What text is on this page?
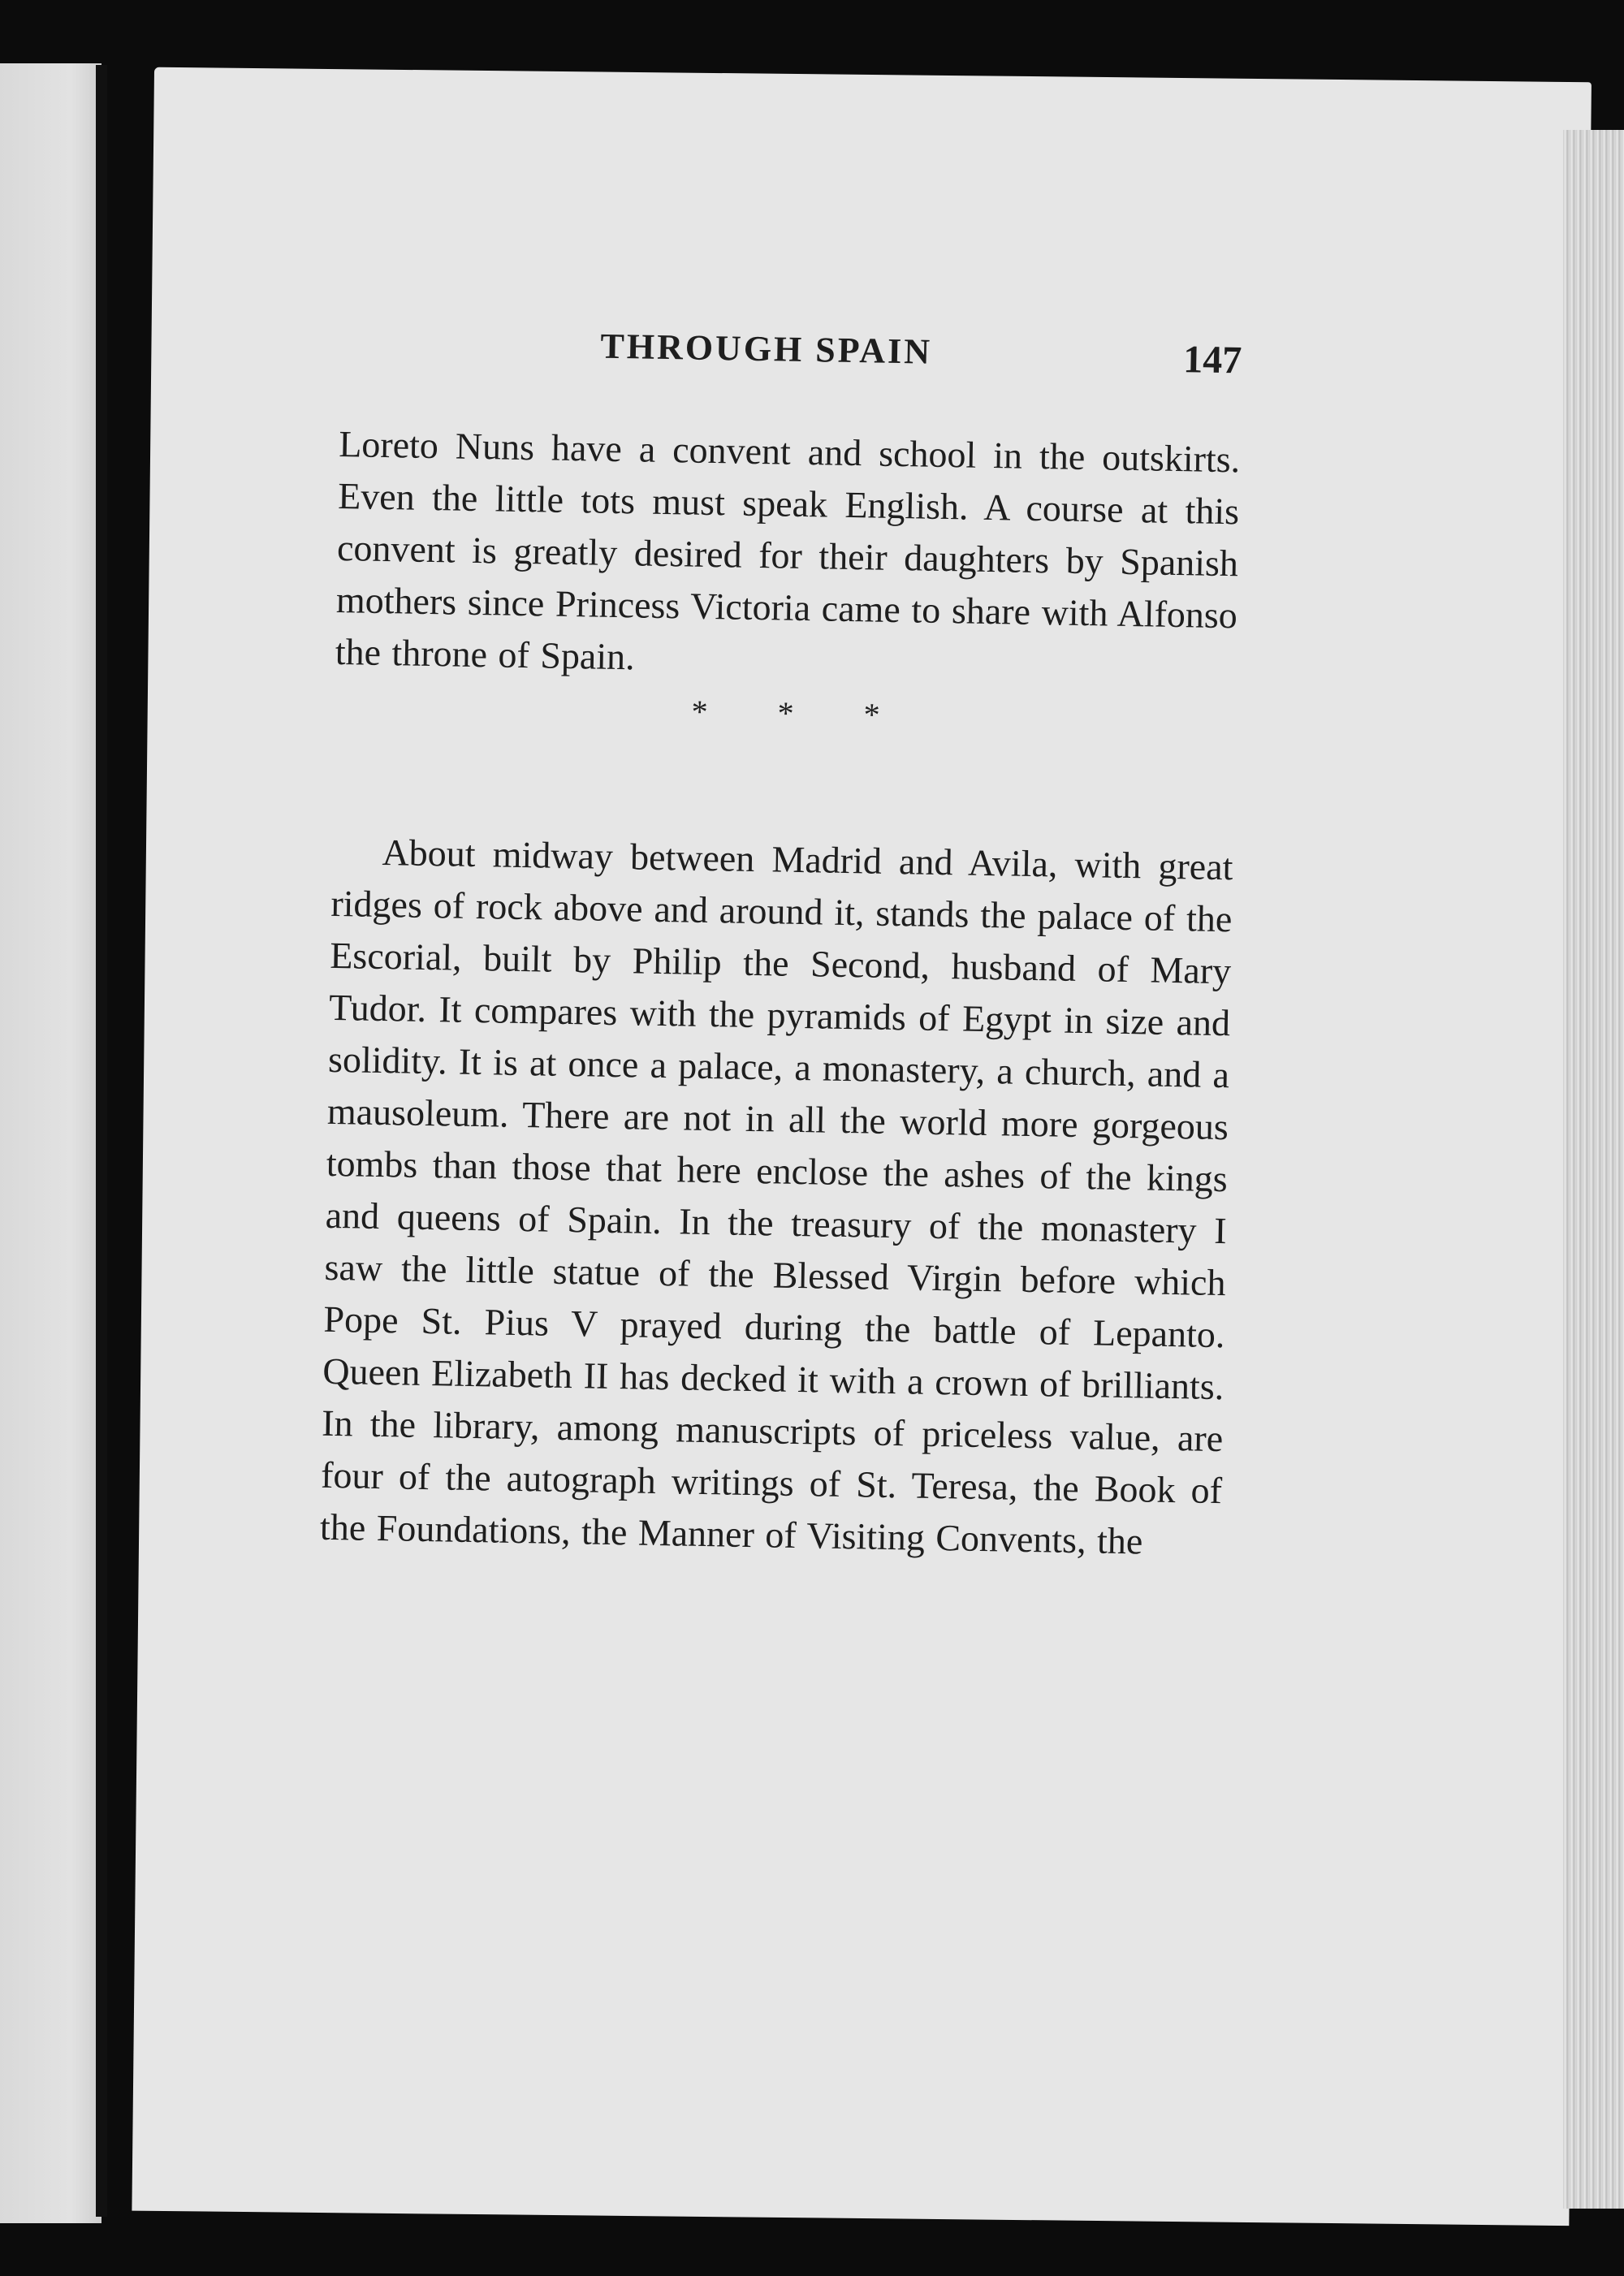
THROUGH SPAIN	147

Loreto Nuns have a convent and school in the outskirts. Even the little tots must speak English. A course at this convent is greatly desired for their daughters by Spanish mothers since Princess Victoria came to share with Alfonso the throne of Spain.

* * *

About midway between Madrid and Avila, with great ridges of rock above and around it, stands the palace of the Escorial, built by Philip the Second, husband of Mary Tudor. It compares with the pyramids of Egypt in size and solidity. It is at once a palace, a monastery, a church, and a mausoleum. There are not in all the world more gorgeous tombs than those that here enclose the ashes of the kings and queens of Spain. In the treasury of the monastery I saw the little statue of the Blessed Virgin before which Pope St. Pius V prayed during the battle of Lepanto. Queen Elizabeth II has decked it with a crown of brilliants. In the library, among manuscripts of priceless value, are four of the autograph writings of St. Teresa, the Book of the Foundations, the Manner of Visiting Convents, the
